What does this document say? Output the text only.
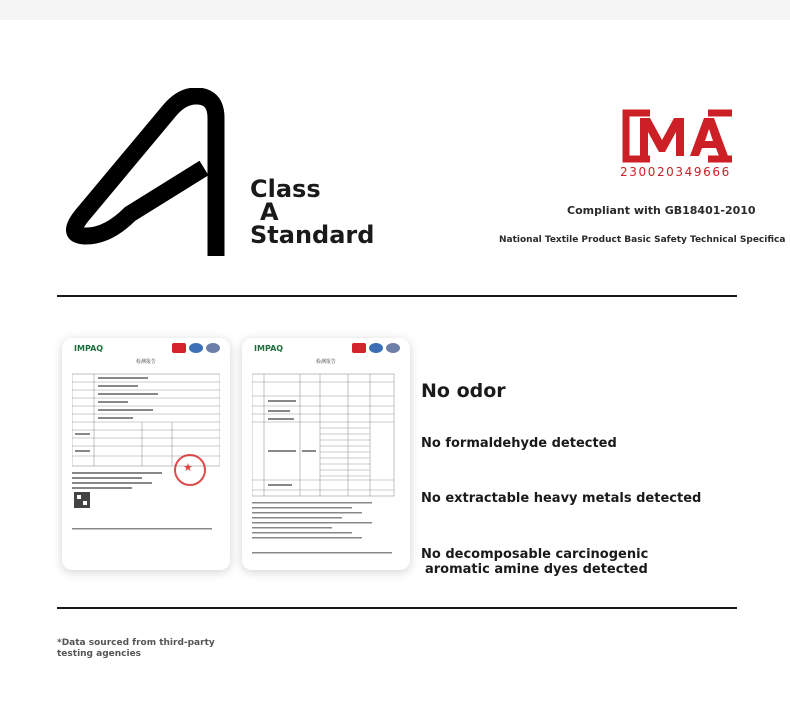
Class
A
Standard
230020349666
Compliant with GB18401-2010
National Textile Product Basic Safety Technical Specifica
IMPAQ
检测报告
★
IMPAQ
检测报告
No odor
No formaldehyde detected
No extractable heavy metals detected
No decomposable carcinogenic
aromatic amine dyes detected
*Data sourced from third-party
testing agencies
